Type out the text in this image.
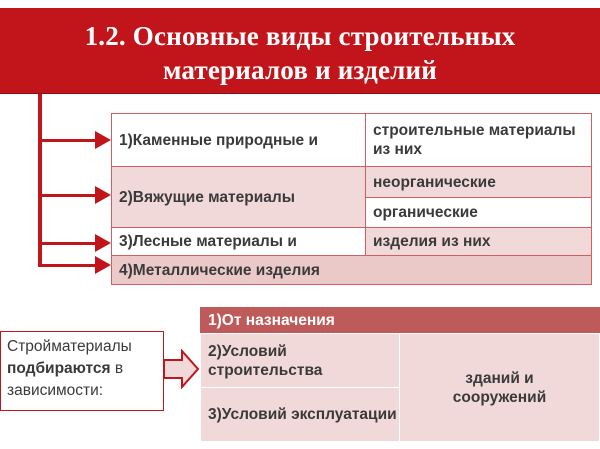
1.2. Основные виды строительных
материалов и изделий
1)Каменные природные и
строительные материалы из них
2)Вяжущие материалы
неорганические
органические
3)Лесные материалы и	изделия из них
4)Металлические изделия
Стройматериалы
подбираются в
зависимости:
1)От назначения
2)Условий строительства
3)Условий эксплуатации
зданий и сооружений
